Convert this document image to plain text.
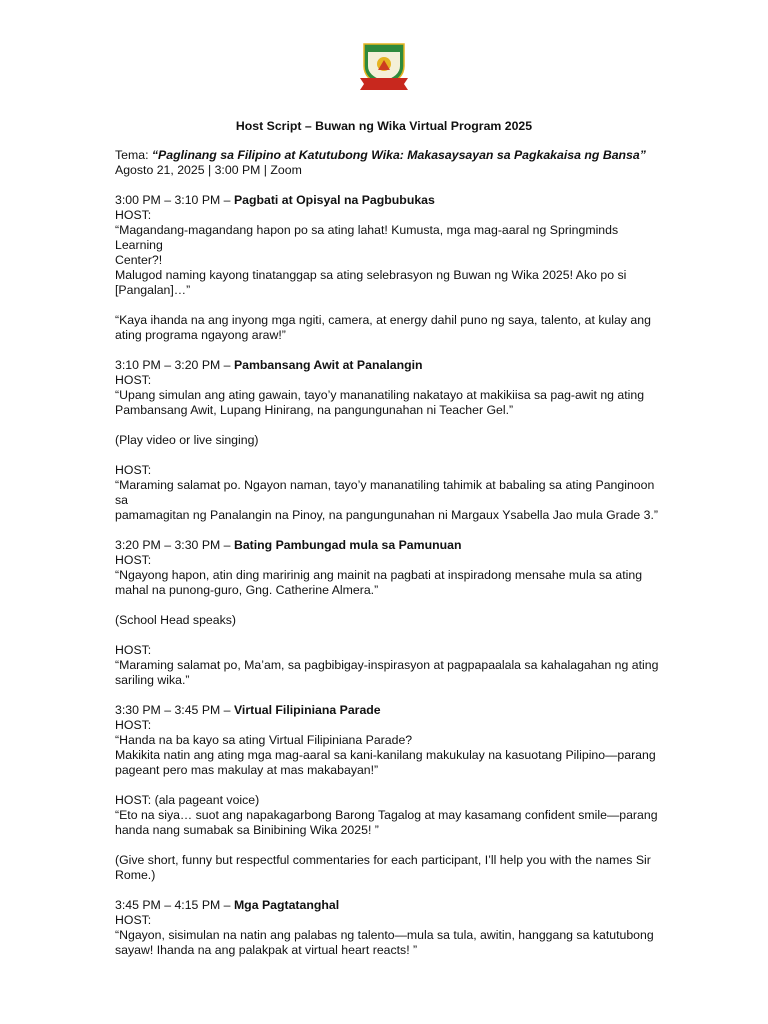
Host Script – Buwan ng Wika Virtual Program 2025

Tema: “Paglinang sa Filipino at Katutubong Wika: Makasaysayan sa Pagkakaisa ng Bansa”

Agosto 21, 2025 | 3:00 PM | Zoom

3:00 PM – 3:10 PM – Pagbati at Opisyal na Pagbubukas

HOST:

“Magandang-magandang hapon po sa ating lahat! Kumusta, mga mag-aaral ng Springminds Learning

Center?!

Malugod naming kayong tinatanggap sa ating selebrasyon ng Buwan ng Wika 2025! Ako po si

[Pangalan]…”

“Kaya ihanda na ang inyong mga ngiti, camera, at energy dahil puno ng saya, talento, at kulay ang

ating programa ngayong araw!”

3:10 PM – 3:20 PM – Pambansang Awit at Panalangin

HOST:

“Upang simulan ang ating gawain, tayo’y mananatiling nakatayo at makikiisa sa pag-awit ng ating

Pambansang Awit, Lupang Hinirang, na pangungunahan ni Teacher Gel.”

(Play video or live singing)

HOST:

“Maraming salamat po. Ngayon naman, tayo’y mananatiling tahimik at babaling sa ating Panginoon sa

pamamagitan ng Panalangin na Pinoy, na pangungunahan ni Margaux Ysabella Jao mula Grade 3.”

3:20 PM – 3:30 PM – Bating Pambungad mula sa Pamunuan

HOST:

“Ngayong hapon, atin ding maririnig ang mainit na pagbati at inspiradong mensahe mula sa ating

mahal na punong-guro, Gng. Catherine Almera.”

(School Head speaks)

HOST:

“Maraming salamat po, Ma’am, sa pagbibigay-inspirasyon at pagpapaalala sa kahalagahan ng ating

sariling wika.”

3:30 PM – 3:45 PM – Virtual Filipiniana Parade

HOST:

“Handa na ba kayo sa ating Virtual Filipiniana Parade?

Makikita natin ang ating mga mag-aaral sa kani-kanilang makukulay na kasuotang Pilipino—parang

pageant pero mas makulay at mas makabayan!”

HOST: (ala pageant voice)

“Eto na siya… suot ang napakagarbong Barong Tagalog at may kasamang confident smile—parang

handa nang sumabak sa Binibining Wika 2025! ”

(Give short, funny but respectful commentaries for each participant, I’ll help you with the names Sir

Rome.)

3:45 PM – 4:15 PM – Mga Pagtatanghal

HOST:

“Ngayon, sisimulan na natin ang palabas ng talento—mula sa tula, awitin, hanggang sa katutubong

sayaw! Ihanda na ang palakpak at virtual heart reacts! ”
